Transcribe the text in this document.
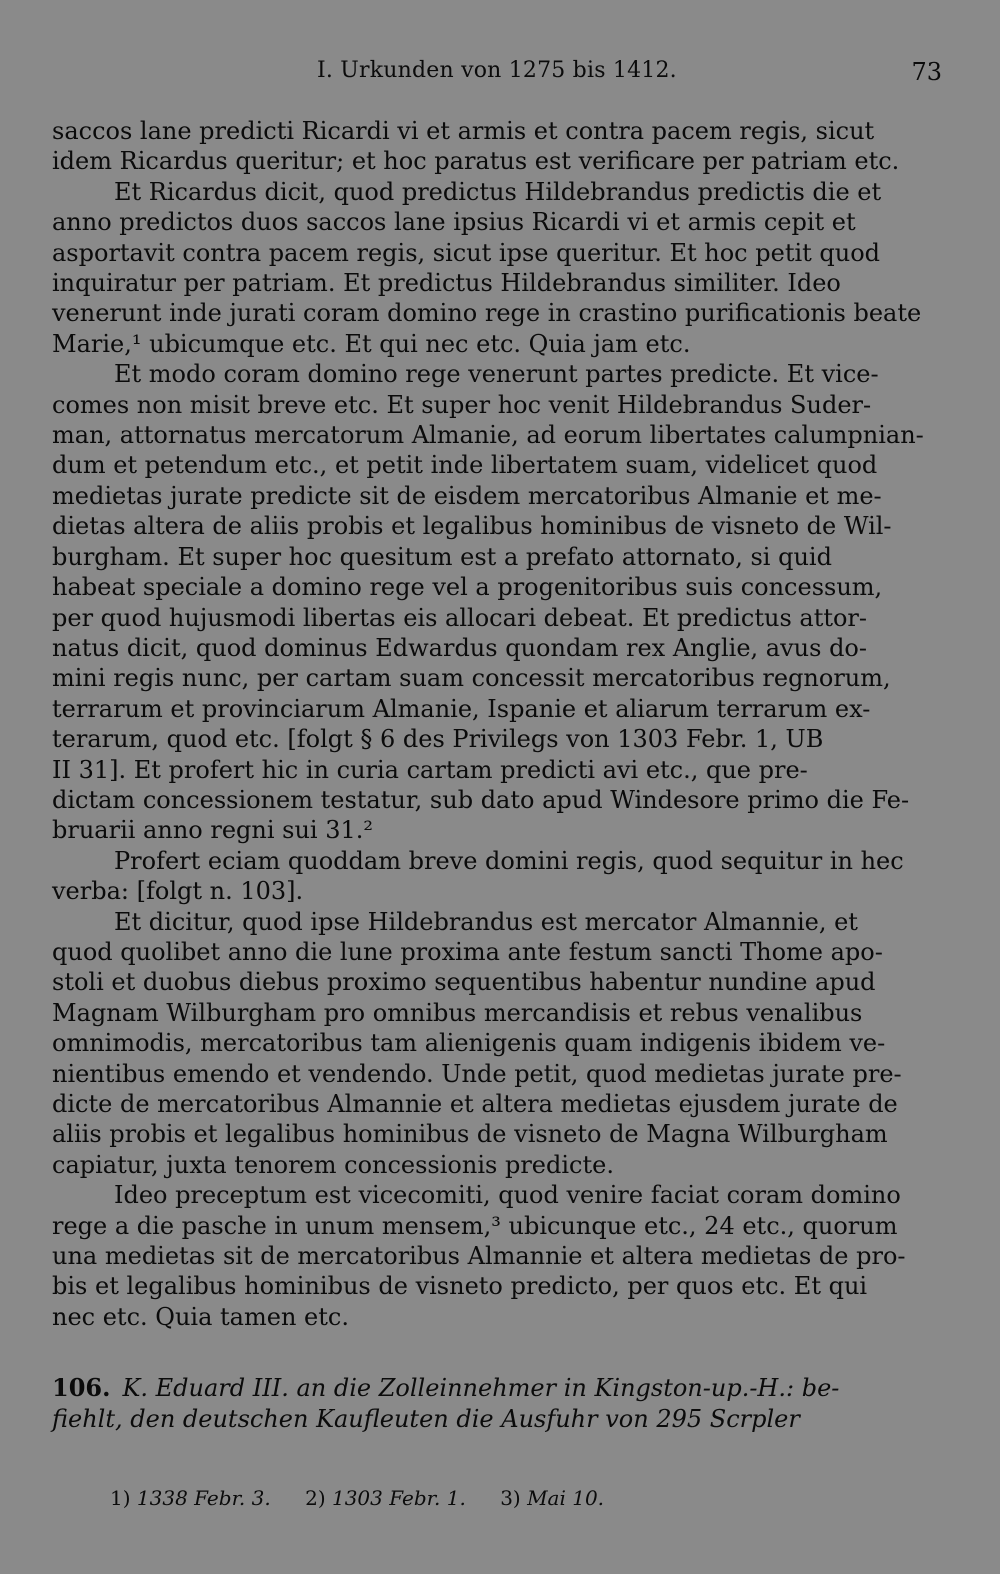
I. Urkunden von 1275 bis 1412.	73
saccos lane predicti Ricardi vi et armis et contra pacem regis, sicut
idem Ricardus queritur; et hoc paratus est verificare per patriam etc.
Et Ricardus dicit, quod predictus Hildebrandus predictis die et
anno predictos duos saccos lane ipsius Ricardi vi et armis cepit et
asportavit contra pacem regis, sicut ipse queritur. Et hoc petit quod
inquiratur per patriam. Et predictus Hildebrandus similiter. Ideo
venerunt inde jurati coram domino rege in crastino purificationis beate
Marie,¹ ubicumque etc. Et qui nec etc. Quia jam etc.
Et modo coram domino rege venerunt partes predicte. Et vice-
comes non misit breve etc. Et super hoc venit Hildebrandus Suder-
man, attornatus mercatorum Almanie, ad eorum libertates calumpnian-
dum et petendum etc., et petit inde libertatem suam, videlicet quod
medietas jurate predicte sit de eisdem mercatoribus Almanie et me-
dietas altera de aliis probis et legalibus hominibus de visneto de Wil-
burgham. Et super hoc quesitum est a prefato attornato, si quid
habeat speciale a domino rege vel a progenitoribus suis concessum,
per quod hujusmodi libertas eis allocari debeat. Et predictus attor-
natus dicit, quod dominus Edwardus quondam rex Anglie, avus do-
mini regis nunc, per cartam suam concessit mercatoribus regnorum,
terrarum et provinciarum Almanie, Ispanie et aliarum terrarum ex-
terarum, quod etc. [folgt § 6 des Privilegs von 1303 Febr. 1, UB
II 31]. Et profert hic in curia cartam predicti avi etc., que pre-
dictam concessionem testatur, sub dato apud Windesore primo die Fe-
bruarii anno regni sui 31.²
Profert eciam quoddam breve domini regis, quod sequitur in hec
verba: [folgt n. 103].
Et dicitur, quod ipse Hildebrandus est mercator Almannie, et
quod quolibet anno die lune proxima ante festum sancti Thome apo-
stoli et duobus diebus proximo sequentibus habentur nundine apud
Magnam Wilburgham pro omnibus mercandisis et rebus venalibus
omnimodis, mercatoribus tam alienigenis quam indigenis ibidem ve-
nientibus emendo et vendendo. Unde petit, quod medietas jurate pre-
dicte de mercatoribus Almannie et altera medietas ejusdem jurate de
aliis probis et legalibus hominibus de visneto de Magna Wilburgham
capiatur, juxta tenorem concessionis predicte.
Ideo preceptum est vicecomiti, quod venire faciat coram domino
rege a die pasche in unum mensem,³ ubicunque etc., 24 etc., quorum
una medietas sit de mercatoribus Almannie et altera medietas de pro-
bis et legalibus hominibus de visneto predicto, per quos etc. Et qui
nec etc. Quia tamen etc.
106. K. Eduard III. an die Zolleinnehmer in Kingston-up.-H.: be-
fiehlt, den deutschen Kaufleuten die Ausfuhr von 295 Scrpler
1) 1338 Febr. 3. 2) 1303 Febr. 1. 3) Mai 10.
